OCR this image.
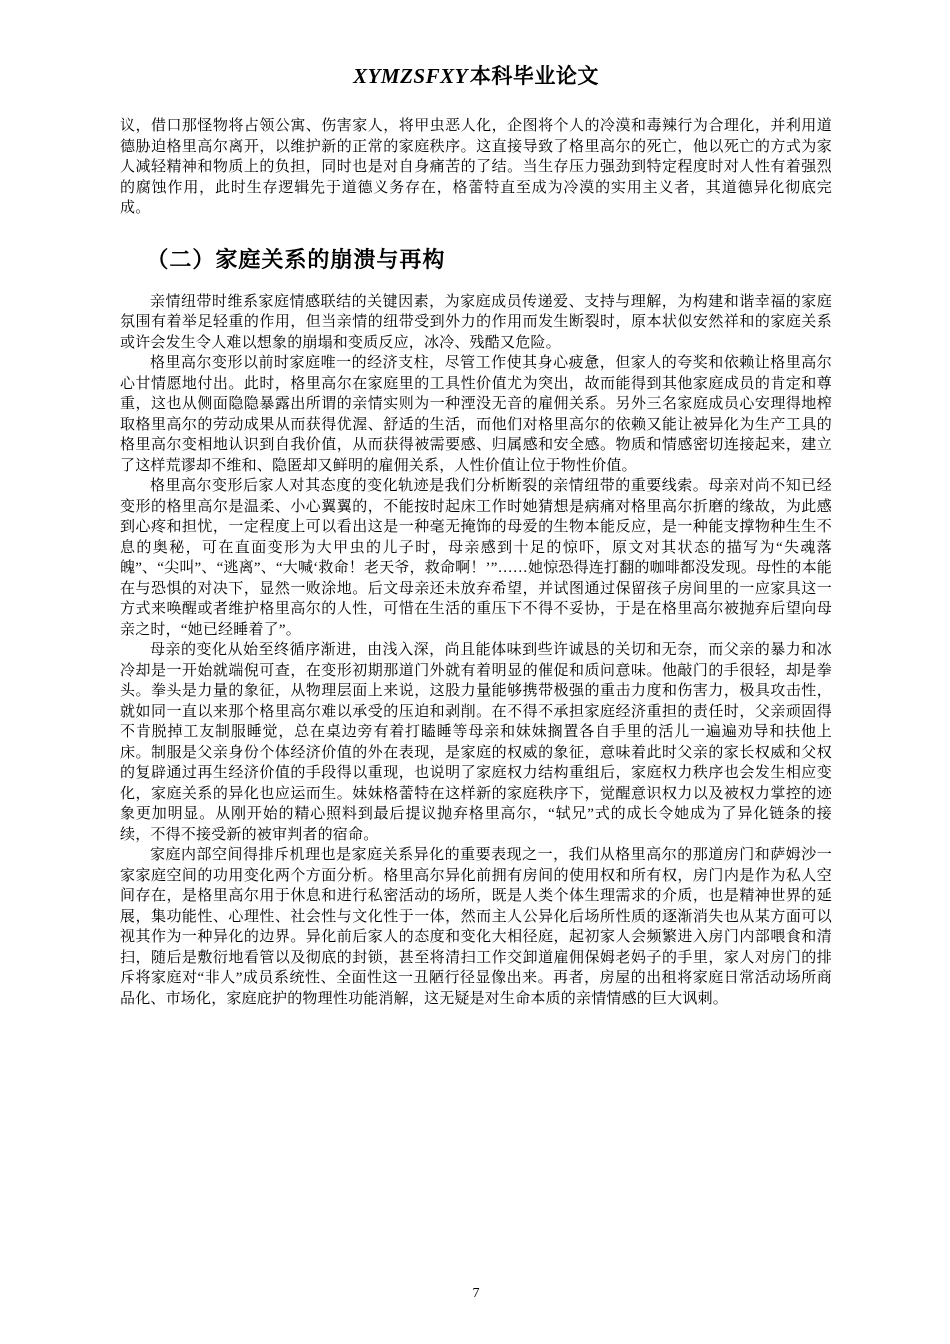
XYMZSFXY本科毕业论文

议，借口那怪物将占领公寓、伤害家人，将甲虫恶人化，企图将个人的冷漠和毒辣行为合理化，并利用道德胁迫格里高尔离开，以维护新的正常的家庭秩序。这直接导致了格里高尔的死亡，他以死亡的方式为家人减轻精神和物质上的负担，同时也是对自身痛苦的了结。当生存压力强劲到特定程度时对人性有着强烈的腐蚀作用，此时生存逻辑先于道德义务存在，格蕾特直至成为冷漠的实用主义者，其道德异化彻底完成。

（二）家庭关系的崩溃与再构

亲情纽带时维系家庭情感联结的关键因素，为家庭成员传递爱、支持与理解，为构建和谐幸福的家庭氛围有着举足轻重的作用，但当亲情的纽带受到外力的作用而发生断裂时，原本状似安然祥和的家庭关系或许会发生令人难以想象的崩塌和变质反应，冰冷、残酷又危险。

格里高尔变形以前时家庭唯一的经济支柱，尽管工作使其身心疲惫，但家人的夸奖和依赖让格里高尔心甘情愿地付出。此时，格里高尔在家庭里的工具性价值尤为突出，故而能得到其他家庭成员的肯定和尊重，这也从侧面隐隐暴露出所谓的亲情实则为一种湮没无音的雇佣关系。另外三名家庭成员心安理得地榨取格里高尔的劳动成果从而获得优渥、舒适的生活，而他们对格里高尔的依赖又能让被异化为生产工具的格里高尔变相地认识到自我价值，从而获得被需要感、归属感和安全感。物质和情感密切连接起来，建立了这样荒谬却不维和、隐匿却又鲜明的雇佣关系，人性价值让位于物性价值。

格里高尔变形后家人对其态度的变化轨迹是我们分析断裂的亲情纽带的重要线索。母亲对尚不知已经变形的格里高尔是温柔、小心翼翼的，不能按时起床工作时她猜想是病痛对格里高尔折磨的缘故，为此感到心疼和担忧，一定程度上可以看出这是一种毫无掩饰的母爱的生物本能反应，是一种能支撑物种生生不息的奥秘，可在直面变形为大甲虫的儿子时，母亲感到十足的惊吓，原文对其状态的描写为“失魂落魄”、“尖叫”、“逃离”、“大喊‘救命！老天爷，救命啊！’”……她惊恐得连打翻的咖啡都没发现。母性的本能在与恐惧的对决下，显然一败涂地。后文母亲还未放弃希望，并试图通过保留孩子房间里的一应家具这一方式来唤醒或者维护格里高尔的人性，可惜在生活的重压下不得不妥协，于是在格里高尔被抛弃后望向母亲之时，“她已经睡着了”。

母亲的变化从始至终循序渐进，由浅入深，尚且能体味到些许诚恳的关切和无奈，而父亲的暴力和冰冷却是一开始就端倪可查，在变形初期那道门外就有着明显的催促和质问意味。他敲门的手很轻，却是拳头。拳头是力量的象征，从物理层面上来说，这股力量能够携带极强的重击力度和伤害力，极具攻击性，就如同一直以来那个格里高尔难以承受的压迫和剥削。在不得不承担家庭经济重担的责任时，父亲顽固得不肯脱掉工友制服睡觉，总在桌边旁有着打瞌睡等母亲和妹妹搁置各自手里的活儿一遍遍劝导和扶他上床。制服是父亲身份个体经济价值的外在表现，是家庭的权威的象征，意味着此时父亲的家长权威和父权的复辟通过再生经济价值的手段得以重现，也说明了家庭权力结构重组后，家庭权力秩序也会发生相应变化，家庭关系的异化也应运而生。妹妹格蕾特在这样新的家庭秩序下，觉醒意识权力以及被权力掌控的迹象更加明显。从刚开始的精心照料到最后提议抛弃格里高尔，“轼兄”式的成长令她成为了异化链条的接续，不得不接受新的被审判者的宿命。

家庭内部空间得排斥机理也是家庭关系异化的重要表现之一，我们从格里高尔的那道房门和萨姆沙一家家庭空间的功用变化两个方面分析。格里高尔异化前拥有房间的使用权和所有权，房门内是作为私人空间存在，是格里高尔用于休息和进行私密活动的场所，既是人类个体生理需求的介质，也是精神世界的延展，集功能性、心理性、社会性与文化性于一体，然而主人公异化后场所性质的逐渐消失也从某方面可以视其作为一种异化的边界。异化前后家人的态度和变化大相径庭，起初家人会频繁进入房门内部喂食和清扫，随后是敷衍地看管以及彻底的封锁，甚至将清扫工作交卸道雇佣保姆老妈子的手里，家人对房门的排斥将家庭对“非人”成员系统性、全面性这一丑陋行径显像出来。再者，房屋的出租将家庭日常活动场所商品化、市场化，家庭庇护的物理性功能消解，这无疑是对生命本质的亲情情感的巨大讽刺。

7
